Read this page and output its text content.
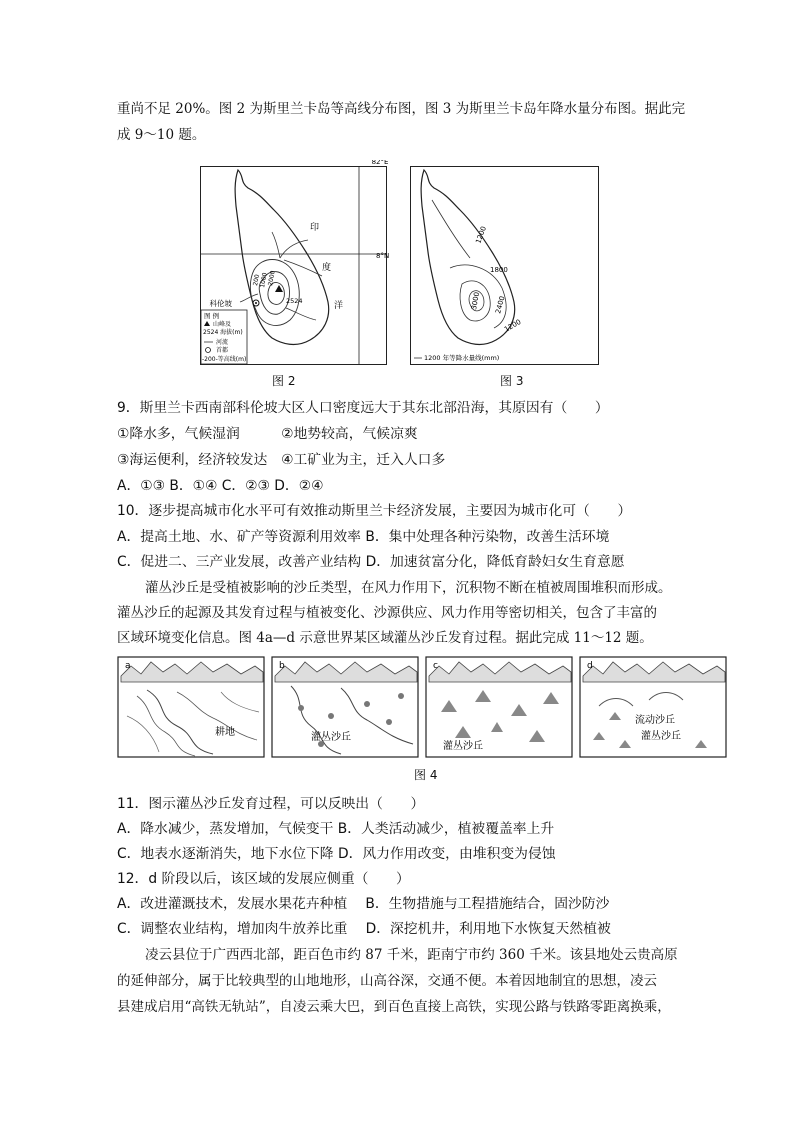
重尚不足 20%。图 2 为斯里兰卡岛等高线分布图，图 3 为斯里兰卡岛年降水量分布图。据此完
成 9～10 题。
82°E
8°N
印
度
洋
科伦坡	2524
200
1000
2000
图 例
山峰及
2524 海拔(m)
河流
首都
-200-等高线(m)
图 2
1200
1800
2400
3000
1200
1200 年等降水量线(mm)
图 3
9．斯里兰卡西南部科伦坡大区人口密度远大于其东北部沿海，其原因有（　　）
①降水多，气候湿润　　　②地势较高，气候凉爽
③海运便利，经济较发达　④工矿业为主，迁入人口多
A．①③ B．①④ C．②③ D．②④
10．逐步提高城市化水平可有效推动斯里兰卡经济发展，主要因为城市化可（　　）
A．提高土地、水、矿产等资源利用效率 B．集中处理各种污染物，改善生活环境
C．促进二、三产业发展，改善产业结构 D．加速贫富分化，降低育龄妇女生育意愿
灌丛沙丘是受植被影响的沙丘类型，在风力作用下，沉积物不断在植被周围堆积而形成。
灌丛沙丘的起源及其发育过程与植被变化、沙源供应、风力作用等密切相关，包含了丰富的
区域环境变化信息。图 4a—d 示意世界某区域灌丛沙丘发育过程。据此完成 11～12 题。
a
耕地
b
灌丛沙丘
c
灌丛沙丘
d
流动沙丘
灌丛沙丘
图 4
11．图示灌丛沙丘发育过程，可以反映出（　　）
A．降水减少，蒸发增加，气候变干 B．人类活动减少，植被覆盖率上升
C．地表水逐渐消失，地下水位下降 D．风力作用改变，由堆积变为侵蚀
12．d 阶段以后，该区域的发展应侧重（　　）
A．改进灌溉技术，发展水果花卉种植　 B．生物措施与工程措施结合，固沙防沙
C．调整农业结构，增加肉牛放养比重　 D．深挖机井，利用地下水恢复天然植被
凌云县位于广西西北部，距百色市约 87 千米，距南宁市约 360 千米。该县地处云贵高原
的延伸部分，属于比较典型的山地地形，山高谷深，交通不便。本着因地制宜的思想，凌云
县建成启用“高铁无轨站”，自凌云乘大巴，到百色直接上高铁，实现公路与铁路零距离换乘，
